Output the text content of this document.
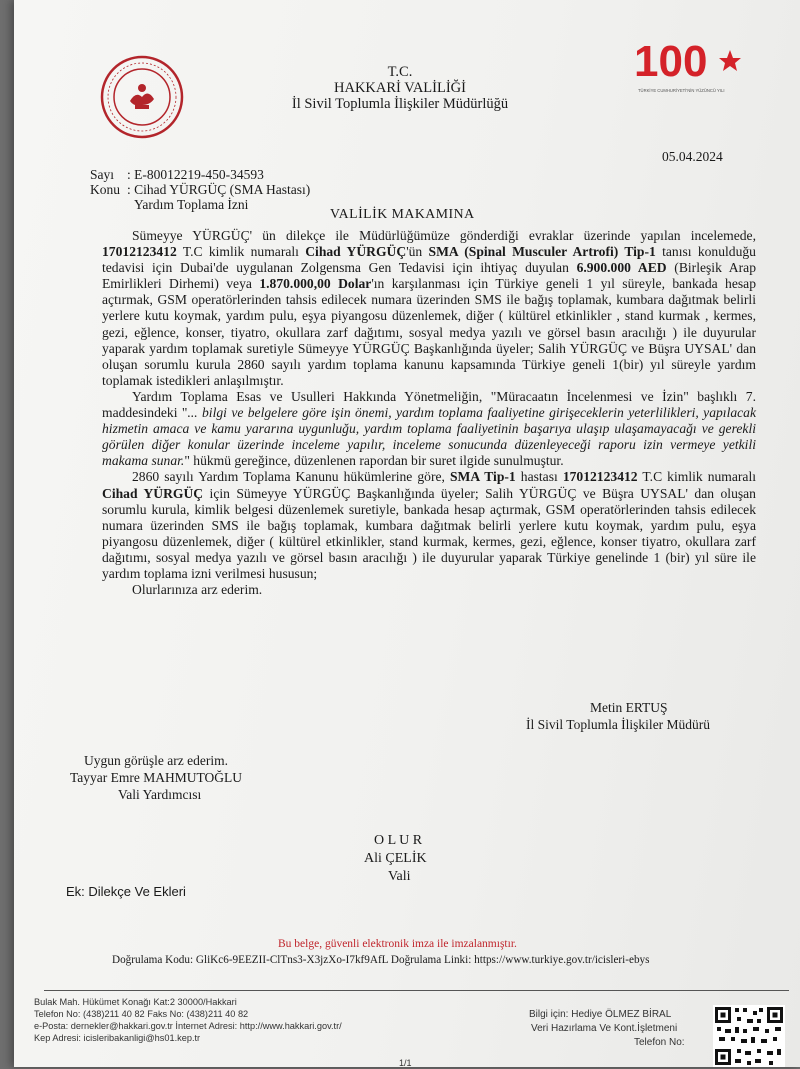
100
TÜRKİYE CUMHURİYETİ'NİN YÜZÜNCÜ YILI
T.C.
HAKKARİ VALİLİĞİ
İl Sivil Toplumla İlişkiler Müdürlüğü
05.04.2024
Sayı : E-80012219-450-34593
Konu : Cihad YÜRGÜÇ (SMA Hastası)
Yardım Toplama İzni
VALİLİK MAKAMINA

Sümeyye YÜRGÜÇ' ün dilekçe ile Müdürlüğümüze gönderdiği evraklar üzerinde yapılan incelemede, 17012123412 T.C kimlik numaralı Cihad YÜRGÜÇ'ün SMA (Spinal Musculer Artrofi) Tip-1 tanısı konulduğu tedavisi için Dubai'de uygulanan Zolgensma Gen Tedavisi için ihtiyaç duyulan 6.900.000 AED (Birleşik Arap Emirlikleri Dirhemi) veya 1.870.000,00 Dolar'ın karşılanması için Türkiye geneli 1 yıl süreyle, bankada hesap açtırmak, GSM operatörlerinden tahsis edilecek numara üzerinden SMS ile bağış toplamak, kumbara dağıtmak belirli yerlere kutu koymak, yardım pulu, eşya piyangosu düzenlemek, diğer ( kültürel etkinlikler , stand kurmak , kermes, gezi, eğlence, konser, tiyatro, okullara zarf dağıtımı, sosyal medya yazılı ve görsel basın aracılığı ) ile duyurular yaparak yardım toplamak suretiyle Sümeyye YÜRGÜÇ Başkanlığında üyeler; Salih YÜRGÜÇ ve Büşra UYSAL' dan oluşan sorumlu kurula 2860 sayılı yardım toplama kanunu kapsamında Türkiye geneli 1(bir) yıl süreyle yardım toplamak istedikleri anlaşılmıştır.

Yardım Toplama Esas ve Usulleri Hakkında Yönetmeliğin, "Müracaatın İncelenmesi ve İzin" başlıklı 7. maddesindeki "... bilgi ve belgelere göre işin önemi, yardım toplama faaliyetine girişeceklerin yeterlilikleri, yapılacak hizmetin amaca ve kamu yararına uygunluğu, yardım toplama faaliyetinin başarıya ulaşıp ulaşamayacağı ve gerekli görülen diğer konular üzerinde inceleme yapılır, inceleme sonucunda düzenleyeceği raporu izin vermeye yetkili makama sunar." hükmü gereğince, düzenlenen rapordan bir suret ilgide sunulmuştur.

2860 sayılı Yardım Toplama Kanunu hükümlerine göre, SMA Tip-1 hastası 17012123412 T.C kimlik numaralı Cihad YÜRGÜÇ için Sümeyye YÜRGÜÇ Başkanlığında üyeler; Salih YÜRGÜÇ ve Büşra UYSAL' dan oluşan sorumlu kurula, kimlik belgesi düzenlemek suretiyle, bankada hesap açtırmak, GSM operatörlerinden tahsis edilecek numara üzerinden SMS ile bağış toplamak, kumbara dağıtmak belirli yerlere kutu koymak, yardım pulu, eşya piyangosu düzenlemek, diğer ( kültürel etkinlikler, stand kurmak, kermes, gezi, eğlence, konser tiyatro, okullara zarf dağıtımı, sosyal medya yazılı ve görsel basın aracılığı ) ile duyurular yaparak Türkiye genelinde 1 (bir) yıl süre ile yardım toplama izni verilmesi hususun;

Olurlarınıza arz ederim.

Metin ERTUŞ
İl Sivil Toplumla İlişkiler Müdürü
Uygun görüşle arz ederim.
Tayyar Emre MAHMUTOĞLU
Vali Yardımcısı
O L U R
Ali ÇELİK
Vali
Ek: Dilekçe Ve Ekleri
Bu belge, güvenli elektronik imza ile imzalanmıştır.
Doğrulama Kodu: GliKc6-9EEZII-ClTns3-X3jzXo-I7kf9AfL Doğrulama Linki: https://www.turkiye.gov.tr/icisleri-ebys
Bulak Mah. Hükümet Konağı Kat:2 30000/Hakkari
Telefon No: (438)211 40 82 Faks No: (438)211 40 82
e-Posta: dernekler@hakkari.gov.tr İnternet Adresi: http://www.hakkari.gov.tr/
Kep Adresi: icisleribakanligi@hs01.kep.tr
Bilgi için: Hediye ÖLMEZ BİRAL
Veri Hazırlama Ve Kont.İşletmeni
Telefon No:
1/1
